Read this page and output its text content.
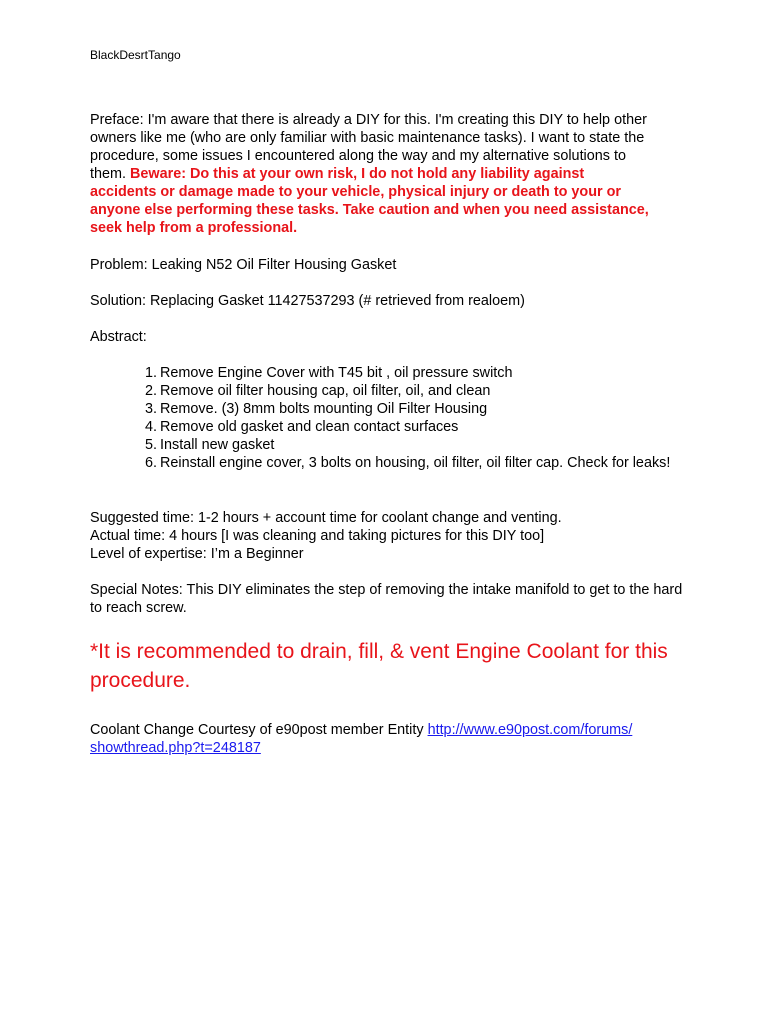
BlackDesrtTango
Preface: I'm aware that there is already a DIY for this. I'm creating this DIY to help other
owners like me (who are only familiar with basic maintenance tasks). I want to state the
procedure, some issues I encountered along the way and my alternative solutions to
them. Beware: Do this at your own risk, I do not hold any liability against
accidents or damage made to your vehicle, physical injury or death to your or
anyone else performing these tasks. Take caution and when you need assistance,
seek help from a professional.
Problem: Leaking N52 Oil Filter Housing Gasket
Solution: Replacing Gasket 11427537293 (# retrieved from realoem)
Abstract:
1. Remove Engine Cover with T45 bit , oil pressure switch
2. Remove oil filter housing cap, oil filter, oil, and clean
3. Remove. (3) 8mm bolts mounting Oil Filter Housing
4. Remove old gasket and clean contact surfaces
5. Install new gasket
6. Reinstall engine cover, 3 bolts on housing, oil filter, oil filter cap. Check for leaks!
Suggested time: 1-2 hours + account time for coolant change and venting.
Actual time: 4 hours [I was cleaning and taking pictures for this DIY too]
Level of expertise: I’m a Beginner
Special Notes: This DIY eliminates the step of removing the intake manifold to get to the hard to reach screw.
*It is recommended to drain, fill, & vent Engine Coolant for this procedure.
Coolant Change Courtesy of e90post member Entity http://www.e90post.com/forums/
showthread.php?t=248187
